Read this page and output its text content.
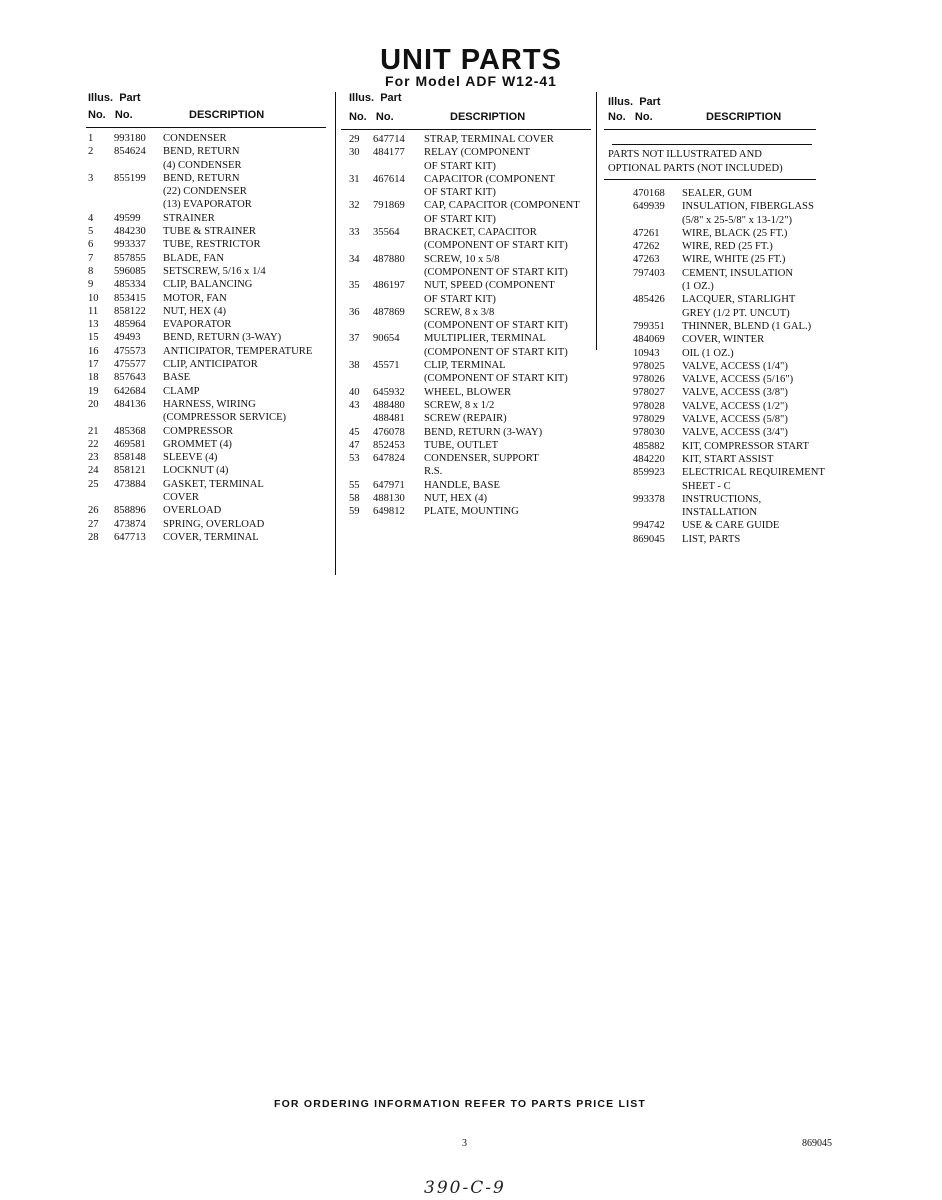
UNIT PARTS
For Model ADF W12-41
Illus. Part
No. No.	DESCRIPTION
1 993180 CONDENSER
2 854624 BEND, RETURN
(4) CONDENSER
3 855199 BEND, RETURN
(22) CONDENSER
(13) EVAPORATOR
4 49599 STRAINER
5 484230 TUBE & STRAINER
6 993337 TUBE, RESTRICTOR
7 857855 BLADE, FAN
8 596085 SETSCREW, 5/16 x 1/4
9 485334 CLIP, BALANCING
10 853415 MOTOR, FAN
11 858122 NUT, HEX (4)
13 485964 EVAPORATOR
15 49493 BEND, RETURN (3-WAY)
16 475573 ANTICIPATOR, TEMPERATURE
17 475577 CLIP, ANTICIPATOR
18 857643 BASE
19 642684 CLAMP
20 484136 HARNESS, WIRING
(COMPRESSOR SERVICE)
21 485368 COMPRESSOR
22 469581 GROMMET (4)
23 858148 SLEEVE (4)
24 858121 LOCKNUT (4)
25 473884 GASKET, TERMINAL
COVER
26 858896 OVERLOAD
27 473874 SPRING, OVERLOAD
28 647713 COVER, TERMINAL
Illus. Part
No. No.	DESCRIPTION
29 647714 STRAP, TERMINAL COVER
30 484177 RELAY (COMPONENT
OF START KIT)
31 467614 CAPACITOR (COMPONENT
OF START KIT)
32 791869 CAP, CAPACITOR (COMPONENT
OF START KIT)
33 35564 BRACKET, CAPACITOR
(COMPONENT OF START KIT)
34 487880 SCREW, 10 x 5/8
(COMPONENT OF START KIT)
35 486197 NUT, SPEED (COMPONENT
OF START KIT)
36 487869 SCREW, 8 x 3/8
(COMPONENT OF START KIT)
37 90654 MULTIPLIER, TERMINAL
(COMPONENT OF START KIT)
38 45571 CLIP, TERMINAL
(COMPONENT OF START KIT)
40 645932 WHEEL, BLOWER
43 488480 SCREW, 8 x 1/2
488481 SCREW (REPAIR)
45 476078 BEND, RETURN (3-WAY)
47 852453 TUBE, OUTLET
53 647824 CONDENSER, SUPPORT
R.S.
55 647971 HANDLE, BASE
58 488130 NUT, HEX (4)
59 649812 PLATE, MOUNTING
Illus. Part
No. No.	DESCRIPTION
PARTS NOT ILLUSTRATED AND
OPTIONAL PARTS (NOT INCLUDED)
470168 SEALER, GUM
649939 INSULATION, FIBERGLASS
(5/8" x 25-5/8" x 13-1/2")
47261 WIRE, BLACK (25 FT.)
47262 WIRE, RED (25 FT.)
47263 WIRE, WHITE (25 FT.)
797403 CEMENT, INSULATION
(1 OZ.)
485426 LACQUER, STARLIGHT
GREY (1/2 PT. UNCUT)
799351 THINNER, BLEND (1 GAL.)
484069 COVER, WINTER
10943 OIL (1 OZ.)
978025 VALVE, ACCESS (1/4")
978026 VALVE, ACCESS (5/16")
978027 VALVE, ACCESS (3/8")
978028 VALVE, ACCESS (1/2")
978029 VALVE, ACCESS (5/8")
978030 VALVE, ACCESS (3/4")
485882 KIT, COMPRESSOR START
484220 KIT, START ASSIST
859923 ELECTRICAL REQUIREMENT
SHEET - C
993378 INSTRUCTIONS,
INSTALLATION
994742 USE & CARE GUIDE
869045 LIST, PARTS
FOR ORDERING INFORMATION REFER TO PARTS PRICE LIST
3	869045
390-C-9
